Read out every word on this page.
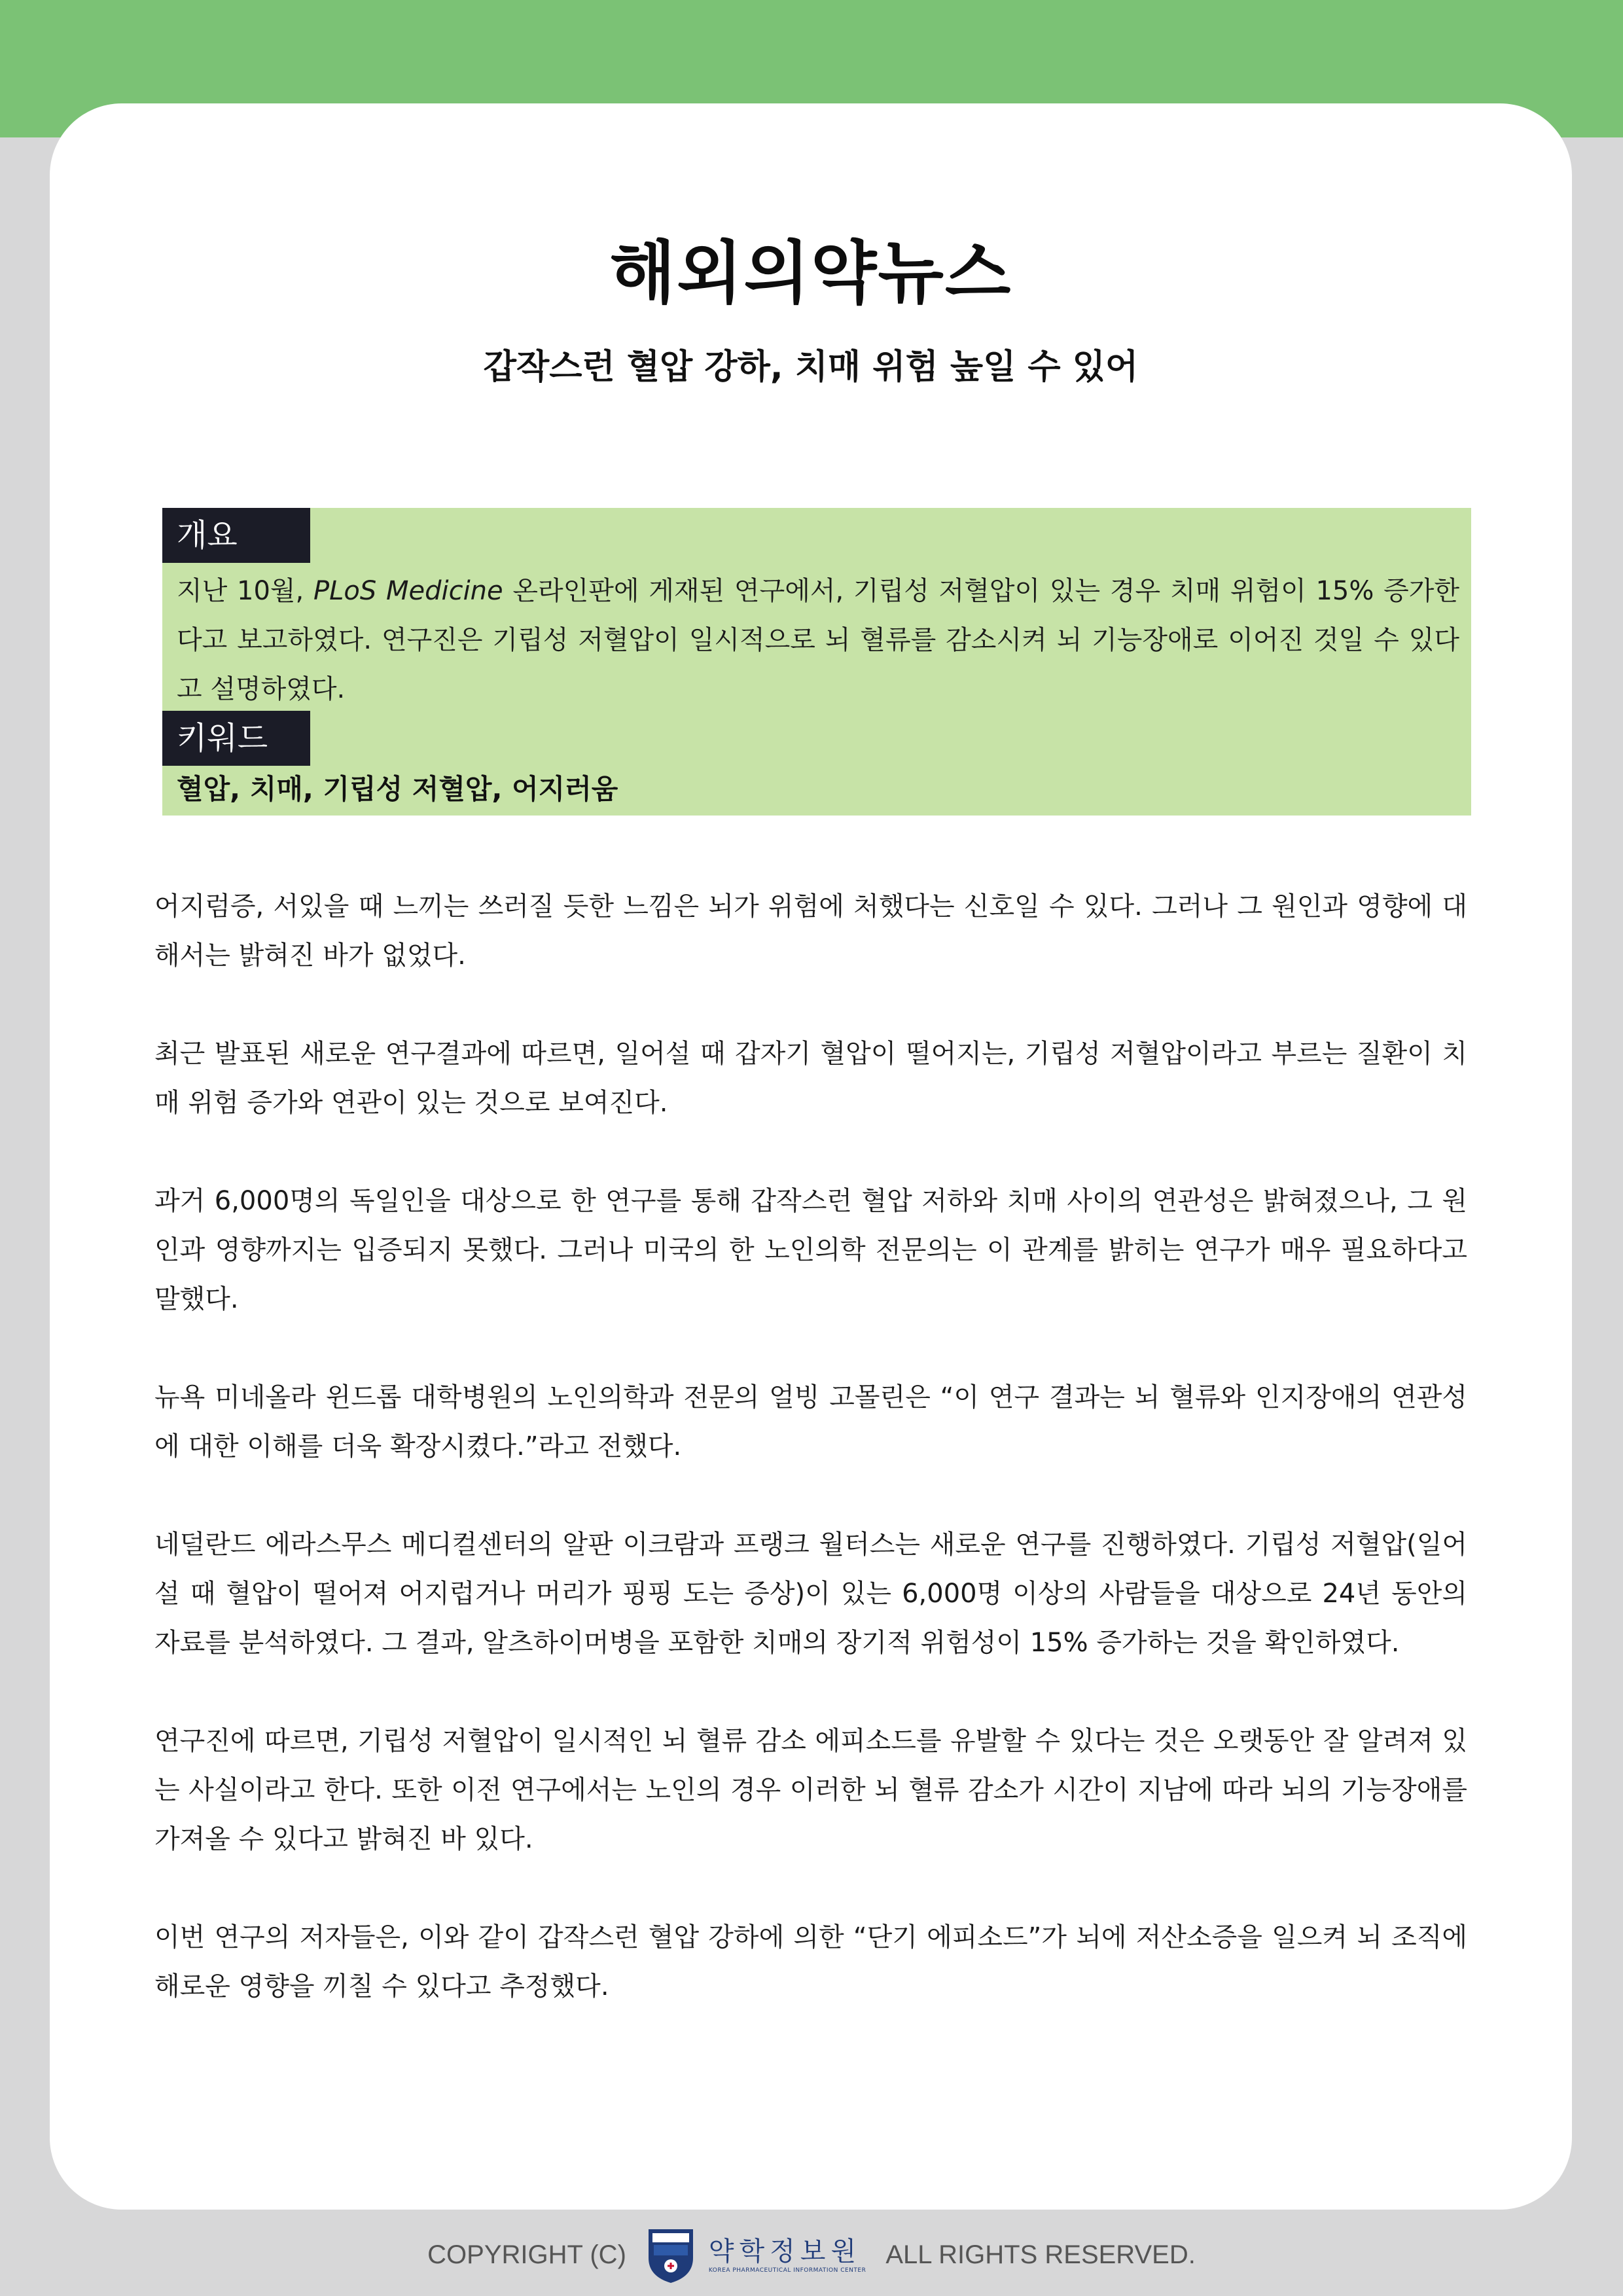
해외의약뉴스
갑작스런 혈압 강하, 치매 위험 높일 수 있어
개요
지난 10월, PLoS Medicine 온라인판에 게재된 연구에서, 기립성 저혈압이 있는 경우 치매 위험이 15% 증가한다고 보고하였다. 연구진은 기립성 저혈압이 일시적으로 뇌 혈류를 감소시켜 뇌 기능장애로 이어진 것일 수 있다고 설명하였다.
키워드
혈압, 치매, 기립성 저혈압, 어지러움

어지럼증, 서있을 때 느끼는 쓰러질 듯한 느낌은 뇌가 위험에 처했다는 신호일 수 있다. 그러나 그 원인과 영향에 대해서는 밝혀진 바가 없었다.

최근 발표된 새로운 연구결과에 따르면, 일어설 때 갑자기 혈압이 떨어지는, 기립성 저혈압이라고 부르는 질환이 치매 위험 증가와 연관이 있는 것으로 보여진다.

과거 6,000명의 독일인을 대상으로 한 연구를 통해 갑작스런 혈압 저하와 치매 사이의 연관성은 밝혀졌으나, 그 원인과 영향까지는 입증되지 못했다. 그러나 미국의 한 노인의학 전문의는 이 관계를 밝히는 연구가 매우 필요하다고 말했다.

뉴욕 미네올라 윈드롭 대학병원의 노인의학과 전문의 얼빙 고몰린은 “이 연구 결과는 뇌 혈류와 인지장애의 연관성에 대한 이해를 더욱 확장시켰다.”라고 전했다.

네덜란드 에라스무스 메디컬센터의 알판 이크람과 프랭크 월터스는 새로운 연구를 진행하였다. 기립성 저혈압(일어설 때 혈압이 떨어져 어지럽거나 머리가 핑핑 도는 증상)이 있는 6,000명 이상의 사람들을 대상으로 24년 동안의 자료를 분석하였다. 그 결과, 알츠하이머병을 포함한 치매의 장기적 위험성이 15% 증가하는 것을 확인하였다.

연구진에 따르면, 기립성 저혈압이 일시적인 뇌 혈류 감소 에피소드를 유발할 수 있다는 것은 오랫동안 잘 알려져 있는 사실이라고 한다. 또한 이전 연구에서는 노인의 경우 이러한 뇌 혈류 감소가 시간이 지남에 따라 뇌의 기능장애를 가져올 수 있다고 밝혀진 바 있다.

이번 연구의 저자들은, 이와 같이 갑작스런 혈압 강하에 의한 “단기 에피소드”가 뇌에 저산소증을 일으켜 뇌 조직에 해로운 영향을 끼칠 수 있다고 추정했다.

COPYRIGHT (C)	약학정보원
KOREA PHARMACEUTICAL INFORMATION CENTER
ALL RIGHTS RESERVED.
